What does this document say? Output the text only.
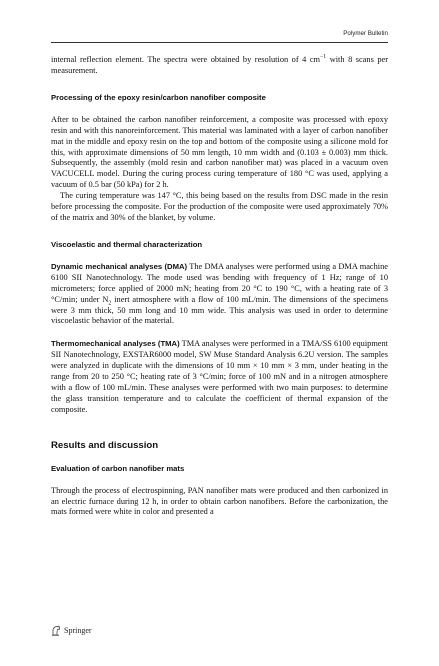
Polymer Bulletin

internal reflection element. The spectra were obtained by resolution of 4 $cm^{-1}$ with 8 scans per measurement.

Processing of the epoxy resin/carbon nanofiber composite

After to be obtained the carbon nanofiber reinforcement, a composite was processed with epoxy resin and with this nanoreinforcement. This material was laminated with a layer of carbon nanofiber mat in the middle and epoxy resin on the top and bottom of the composite using a silicone mold for this, with approximate dimensions of 50 mm length, 10 mm width and (0.103 ± 0.003) mm thick. Subsequently, the assembly (mold resin and carbon nanofiber mat) was placed in a vacuum oven VACUCELL model. During the curing process curing temperature of 180 °C was used, applying a vacuum of 0.5 bar (50 kPa) for 2 h.

The curing temperature was 147 °C, this being based on the results from DSC made in the resin before processing the composite. For the production of the composite were used approximately 70% of the matrix and 30% of the blanket, by volume.

Viscoelastic and thermal characterization

Dynamic mechanical analyses (DMA) The DMA analyses were performed using a DMA machine 6100 SII Nanotechnology. The mode used was bending with frequency of 1 Hz; range of 10 micrometers; force applied of 2000 mN; heating from 20 °C to 190 °C, with a heating rate of 3 °C/min; under $N_2$ inert atmosphere with a flow of 100 mL/min. The dimensions of the specimens were 3 mm thick, 50 mm long and 10 mm wide. This analysis was used in order to determine viscoelastic behavior of the material.

Thermomechanical analyses (TMA) TMA analyses were performed in a TMA/SS 6100 equipment SII Nanotechnology, EXSTAR6000 model, SW Muse Standard Analysis 6.2U version. The samples were analyzed in duplicate with the dimensions of 10 mm × 10 mm × 3 mm, under heating in the range from 20 to 250 °C; heating rate of 3 °C/min; force of 100 mN and in a nitrogen atmosphere with a flow of 100 mL/min. These analyses were performed with two main purposes: to determine the glass transition temperature and to calculate the coefficient of thermal expansion of the composite.

Results and discussion
Evaluation of carbon nanofiber mats

Through the process of electrospinning, PAN nanofiber mats were produced and then carbonized in an electric furnace during 12 h, in order to obtain carbon nanofibers. Before the carbonization, the mats formed were white in color and presented a

Springer
